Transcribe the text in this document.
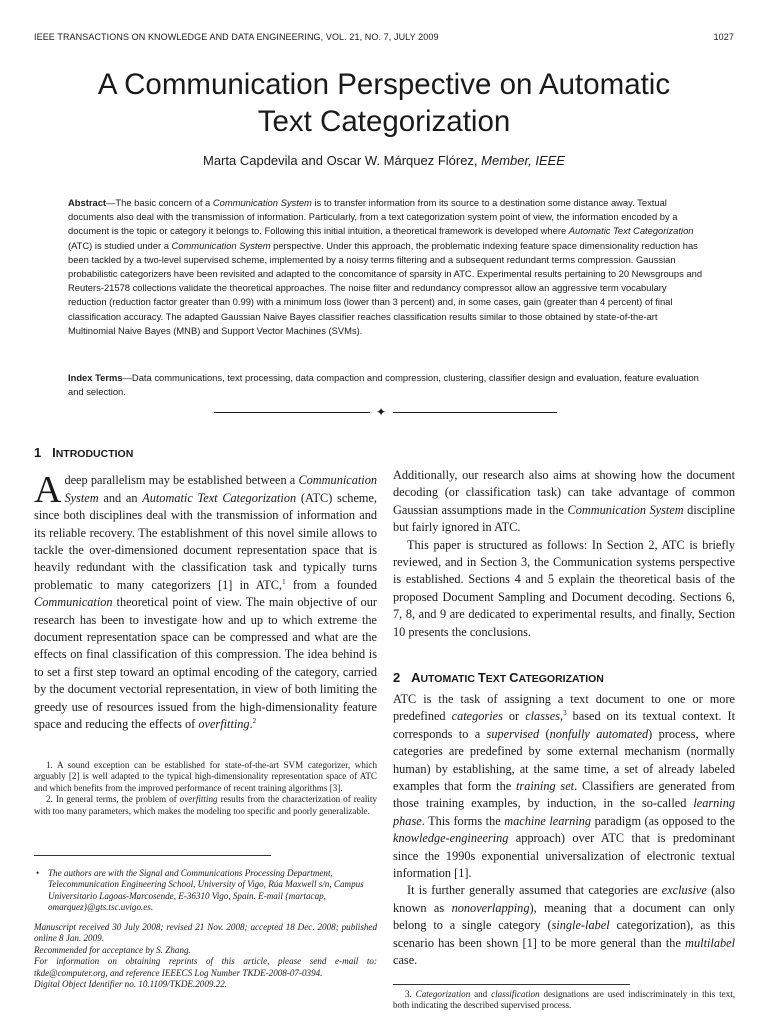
IEEE TRANSACTIONS ON KNOWLEDGE AND DATA ENGINEERING, VOL. 21, NO. 7, JULY 2009	1027
A Communication Perspective on Automatic
Text Categorization
Marta Capdevila and Oscar W. Márquez Flórez, Member, IEEE
Abstract—The basic concern of a Communication System is to transfer information from its source to a destination some distance away. Textual documents also deal with the transmission of information. Particularly, from a text categorization system point of view, the information encoded by a document is the topic or category it belongs to. Following this initial intuition, a theoretical framework is developed where Automatic Text Categorization (ATC) is studied under a Communication System perspective. Under this approach, the problematic indexing feature space dimensionality reduction has been tackled by a two-level supervised scheme, implemented by a noisy terms filtering and a subsequent redundant terms compression. Gaussian probabilistic categorizers have been revisited and adapted to the concomitance of sparsity in ATC. Experimental results pertaining to 20 Newsgroups and Reuters-21578 collections validate the theoretical approaches. The noise filter and redundancy compressor allow an aggressive term vocabulary reduction (reduction factor greater than 0.99) with a minimum loss (lower than 3 percent) and, in some cases, gain (greater than 4 percent) of final classification accuracy. The adapted Gaussian Naive Bayes classifier reaches classification results similar to those obtained by state-of-the-art Multinomial Naive Bayes (MNB) and Support Vector Machines (SVMs).
Index Terms—Data communications, text processing, data compaction and compression, clustering, classifier design and evaluation, feature evaluation and selection.
✦
1 INTRODUCTION

Adeep parallelism may be established between a Communication System and an Automatic Text Categorization (ATC) scheme, since both disciplines deal with the transmission of information and its reliable recovery. The establishment of this novel simile allows to tackle the over-dimensioned document representation space that is heavily redundant with the classification task and typically turns problematic to many categorizers [1] in ATC,$^1$ from a founded Communication theoretical point of view. The main objective of our research has been to investigate how and up to which extreme the document representation space can be compressed and what are the effects on final classification of this compression. The idea behind is to set a first step toward an optimal encoding of the category, carried by the document vectorial representation, in view of both limiting the greedy use of resources issued from the high-dimensionality feature space and reducing the effects of overfitting.$^2$

1. A sound exception can be established for state-of-the-art SVM categorizer, which arguably [2] is well adapted to the typical high-dimensionality representation space of ATC and which benefits from the improved performance of recent training algorithms [3].

2. In general terms, the problem of overfitting results from the characterization of reality with too many parameters, which makes the modeling too specific and poorly generalizable.

• The authors are with the Signal and Communications Processing Department, Telecommunication Engineering School, University of Vigo, Rúa Maxwell s/n, Campus Universitario Lagoas-Marcosende, E-36310 Vigo, Spain. E-mail {martacap, omarquez}@gts.tsc.uvigo.es.

Manuscript received 30 July 2008; revised 21 Nov. 2008; accepted 18 Dec. 2008; published online 8 Jan. 2009.

Recommended for acceptance by S. Zhang.

For information on obtaining reprints of this article, please send e-mail to: tkde@computer.org, and reference IEEECS Log Number TKDE-2008-07-0394.

Digital Object Identifier no. 10.1109/TKDE.2009.22.

Additionally, our research also aims at showing how the document decoding (or classification task) can take advantage of common Gaussian assumptions made in the Communication System discipline but fairly ignored in ATC.

This paper is structured as follows: In Section 2, ATC is briefly reviewed, and in Section 3, the Communication systems perspective is established. Sections 4 and 5 explain the theoretical basis of the proposed Document Sampling and Document decoding. Sections 6, 7, 8, and 9 are dedicated to experimental results, and finally, Section 10 presents the conclusions.

2 AUTOMATIC TEXT CATEGORIZATION

ATC is the task of assigning a text document to one or more predefined categories or classes,$^3$ based on its textual context. It corresponds to a supervised (nonfully automated) process, where categories are predefined by some external mechanism (normally human) by establishing, at the same time, a set of already labeled examples that form the training set. Classifiers are generated from those training examples, by induction, in the so-called learning phase. This forms the machine learning paradigm (as opposed to the knowledge-engineering approach) over ATC that is predominant since the 1990s exponential universalization of electronic textual information [1].

It is further generally assumed that categories are exclusive (also known as nonoverlapping), meaning that a document can only belong to a single category (single-label categorization), as this scenario has been shown [1] to be more general than the multilabel case.

3. Categorization and classification designations are used indiscriminately in this text, both indicating the described supervised process.
